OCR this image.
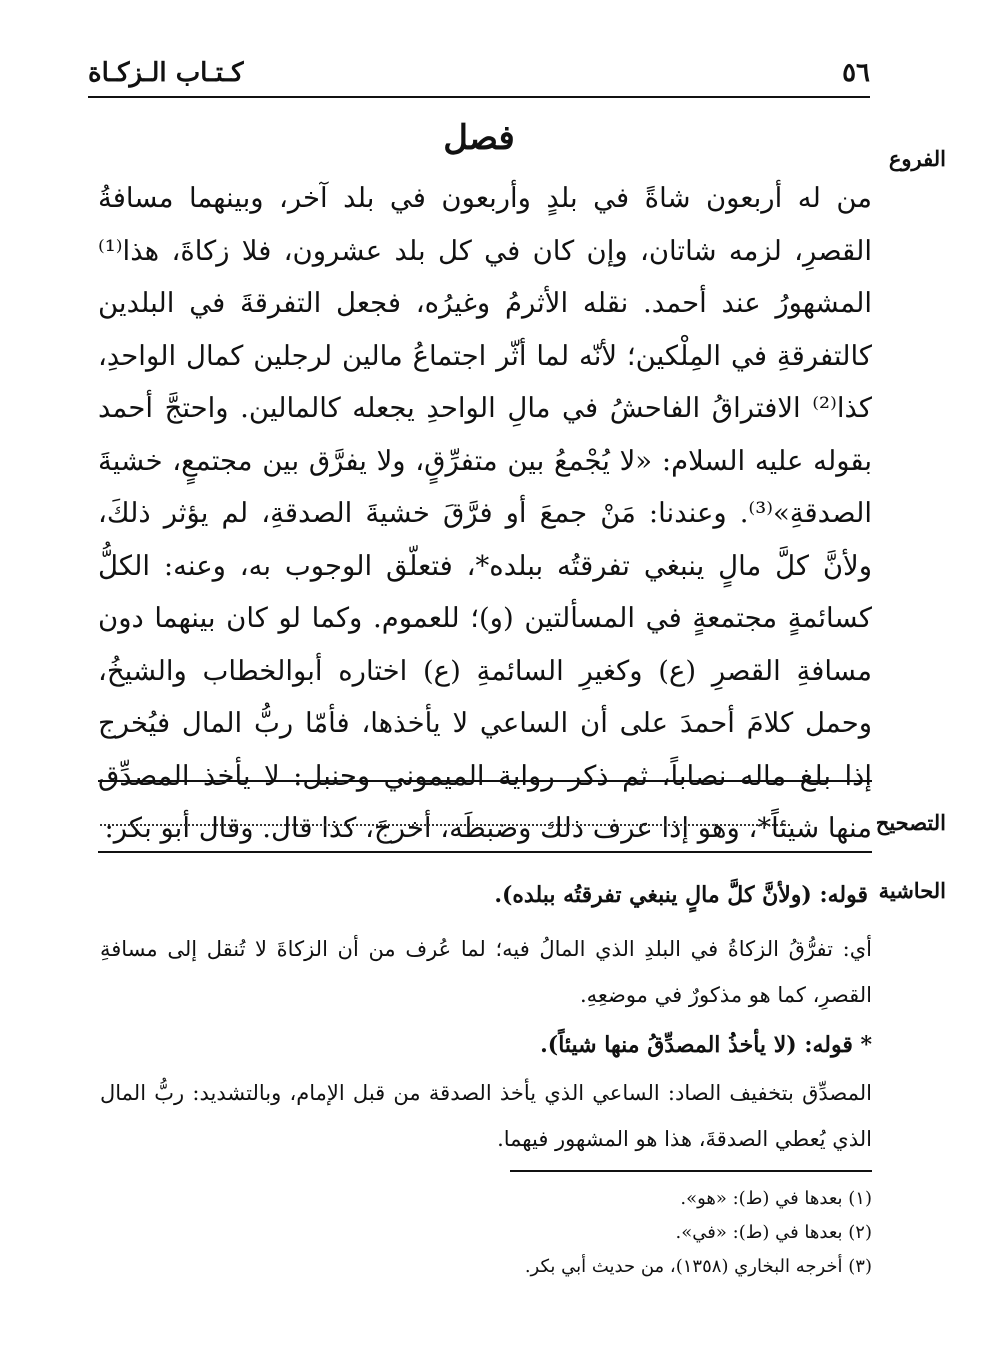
٥٦
كـتـاب الـزكـاة
الفروع
فصل
من له أربعون شاةً في بلدٍ وأربعون في بلد آخر، وبينهما مسافةُ القصرِ، لزمه شاتان، وإن كان في كل بلد عشرون، فلا زكاةَ، هذا⁽¹⁾ المشهورُ عند أحمد. نقله الأثرمُ وغيرُه، فجعل التفرقةَ في البلدين كالتفرقةِ في المِلْكين؛ لأنّه لما أثّر اجتماعُ مالين لرجلين كمال الواحدِ، كذا⁽²⁾ الافتراقُ الفاحشُ في مالِ الواحدِ يجعله كالمالين. واحتجَّ أحمد بقوله عليه السلام: «لا يُجْمعُ بين متفرِّقٍ، ولا يفرَّق بين مجتمعٍ، خشيةَ الصدقةِ»⁽³⁾. وعندنا: مَنْ جمعَ أو فرَّقَ خشيةَ الصدقةِ، لم يؤثر ذلكَ، ولأنَّ كلَّ مالٍ ينبغي تفرقتُه ببلده*، فتعلّق الوجوب به، وعنه: الكلُّ كسائمةٍ مجتمعةٍ في المسألتين (و)؛ للعموم. وكما لو كان بينهما دون مسافةِ القصرِ (ع) وكغيرِ السائمةِ (ع) اختاره أبوالخطاب والشيخُ، وحمل كلامَ أحمدَ على أن الساعي لا يأخذها، فأمّا ربُّ المال فيُخرج إذا بلغ ماله نصاباً، ثم ذكر رواية الميموني وحنبل: لا يأخذ المصدِّق منها شيئاً*، وهو إذا عرف ذلك وضبطَه، أخرجَ، كذا قال. وقال أبو بكر: التصحيح
الحاشية
قوله: (ولأنَّ كلَّ مالٍ ينبغي تفرقتُه ببلده).
أي: تفرُّقُ الزكاةُ في البلدِ الذي المالُ فيه؛ لما عُرف من أن الزكاةَ لا تُنقل إلى مسافةِ القصرِ، كما هو مذكورٌ في موضعِهِ.
* قوله: (لا يأخذُ المصدِّقُ منها شيئاً).
المصدِّق بتخفيف الصاد: الساعي الذي يأخذ الصدقة من قبل الإمام، وبالتشديد: ربُّ المال الذي يُعطي الصدقةَ، هذا هو المشهور فيهما.
(١) بعدها في (ط): «هو».
(٢) بعدها في (ط): «في».
(٣) أخرجه البخاري (١٣٥٨)، من حديث أبي بكر.
